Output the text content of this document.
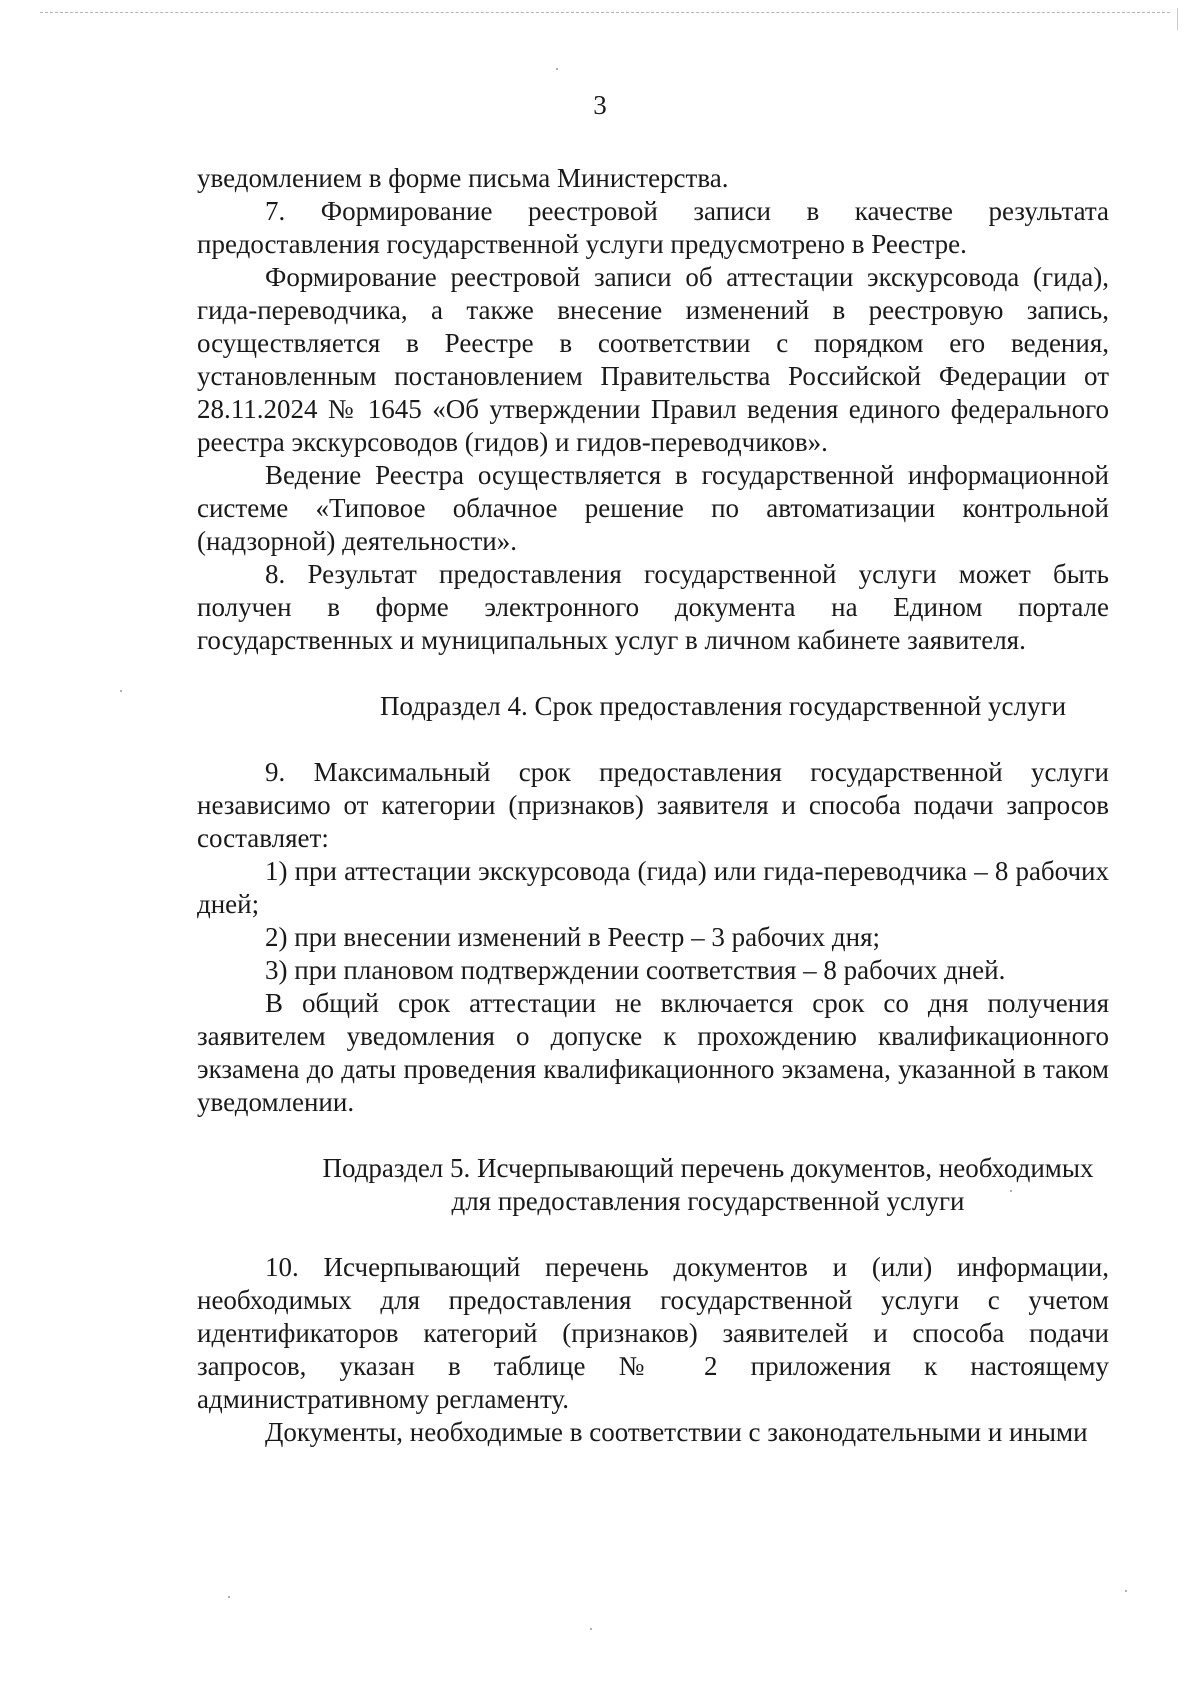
3

уведомлением в форме письма Министерства.

7. Формирование реестровой записи в качестве результата предоставления государственной услуги предусмотрено в Реестре.

Формирование реестровой записи об аттестации экскурсовода (гида), гида-переводчика, а также внесение изменений в реестровую запись, осуществляется в Реестре в соответствии с порядком его ведения, установленным постановлением Правительства Российской Федерации от 28.11.2024 № 1645 «Об утверждении Правил ведения единого федерального реестра экскурсоводов (гидов) и гидов-переводчиков».

Ведение Реестра осуществляется в государственной информационной системе «Типовое облачное решение по автоматизации контрольной (надзорной) деятельности».

8. Результат предоставления государственной услуги может быть получен в форме электронного документа на Едином портале государственных и муниципальных услуг в личном кабинете заявителя.

Подраздел 4. Срок предоставления государственной услуги

9. Максимальный срок предоставления государственной услуги независимо от категории (признаков) заявителя и способа подачи запросов составляет:

1) при аттестации экскурсовода (гида) или гида-переводчика – 8 рабочих дней;

2) при внесении изменений в Реестр – 3 рабочих дня;

3) при плановом подтверждении соответствия – 8 рабочих дней.

В общий срок аттестации не включается срок со дня получения заявителем уведомления о допуске к прохождению квалификационного экзамена до даты проведения квалификационного экзамена, указанной в таком уведомлении.

Подраздел 5. Исчерпывающий перечень документов, необходимых

для предоставления государственной услуги

10. Исчерпывающий перечень документов и (или) информации, необходимых для предоставления государственной услуги с учетом идентификаторов категорий (признаков) заявителей и способа подачи запросов, указан в таблице № 2 приложения к настоящему административному регламенту.

Документы, необходимые в соответствии с законодательными и иными
